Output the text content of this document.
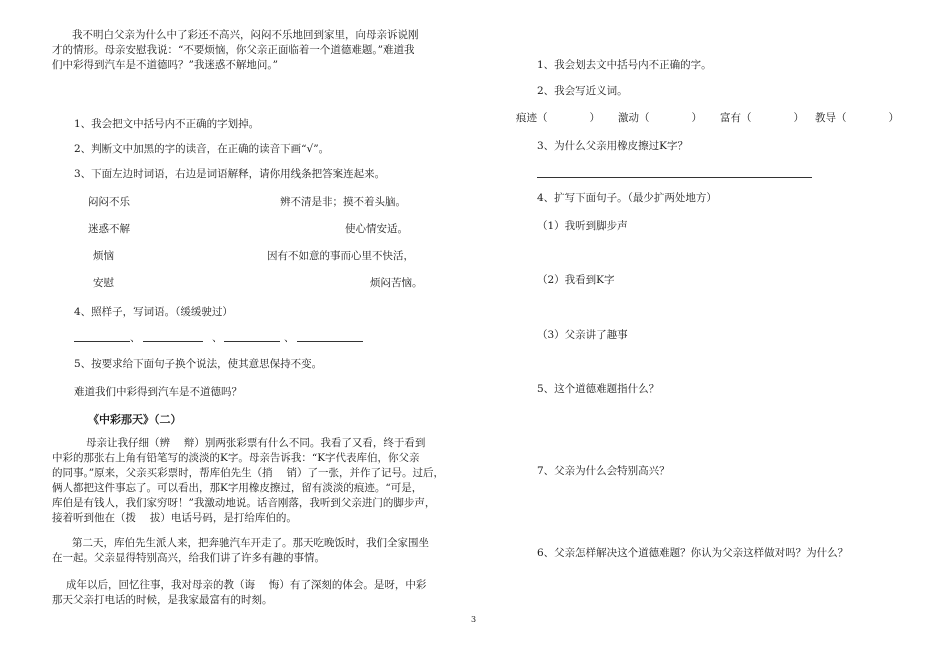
我不明白父亲为什么中了彩还不高兴，闷闷不乐地回到家里，向母亲诉说刚
才的情形。母亲安慰我说：“不要烦恼，你父亲正面临着一个道德难题。”难道我
们中彩得到汽车是不道德吗？”我迷惑不解地问。”
1、我会把文中括号内不正确的字划掉。
2、判断文中加黑的字的读音，在正确的读音下画“√”。
3、下面左边时词语，右边是词语解释，请你用线条把答案连起来。
闷闷不乐	辨不清是非；摸不着头脑。
迷惑不解	使心情安适。
烦恼	因有不如意的事而心里不快活，
安慰	烦闷苦恼。
4、照样子，写词语。（缓缓驶过）
、	、	、
5、按要求给下面句子换个说法，使其意思保持不变。
难道我们中彩得到汽车是不道德吗？
《中彩那天》（二）
母亲让我仔细（辨　 辩）别两张彩票有什么不同。我看了又看，终于看到
中彩的那张右上角有铅笔写的淡淡的K字。母亲告诉我：“K字代表库伯，你父亲
的同事。”原来，父亲买彩票时，帮库伯先生（捎　 销）了一张，并作了记号。过后，
俩人都把这件事忘了。可以看出，那K字用橡皮擦过，留有淡淡的痕迹。“可是，
库伯是有钱人，我们家穷呀！”我激动地说。话音刚落，我听到父亲进门的脚步声，
接着听到他在（拨　 拔）电话号码，是打给库伯的。
第二天，库伯先生派人来，把奔驰汽车开走了。那天吃晚饭时，我们全家围坐
在一起。父亲显得特别高兴，给我们讲了许多有趣的事情。
成年以后，回忆往事，我对母亲的教（诲　 悔）有了深刻的体会。是呀，中彩
那天父亲打电话的时候，是我家最富有的时刻。
1、我会划去文中括号内不正确的字。
2、我会写近义词。
痕迹（　　　　） 激动（　　　　） 富有（　　　　） 教导（　　　　）
3、为什么父亲用橡皮擦过K字？
4、扩写下面句子。（最少扩两处地方）
（1）我听到脚步声
（2）我看到K字
（3）父亲讲了趣事
5、这个道德难题指什么？
7、父亲为什么会特别高兴？
6、父亲怎样解决这个道德难题？你认为父亲这样做对吗？为什么？
3
